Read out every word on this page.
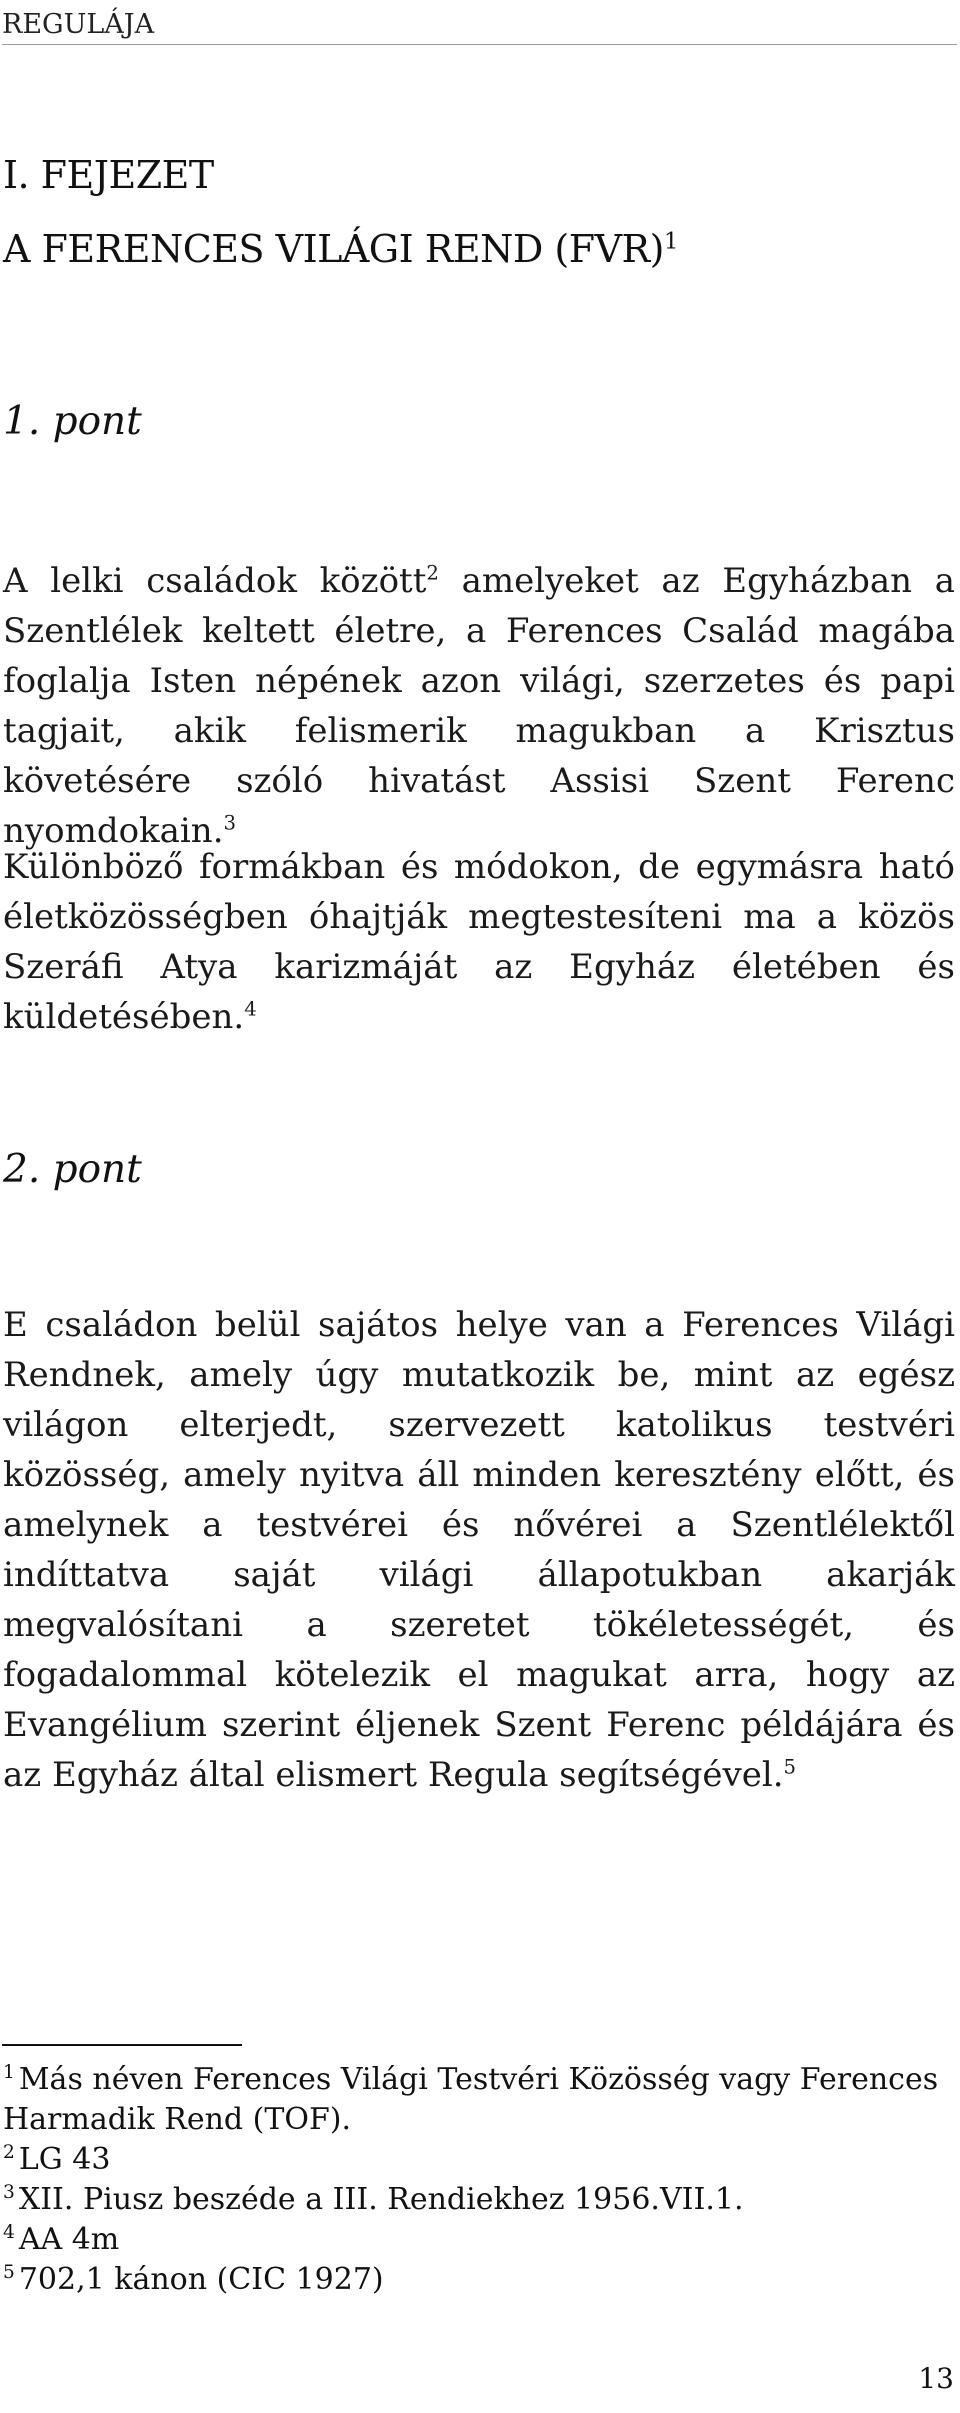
REGULÁJA
I. FEJEZET
A FERENCES VILÁGI REND (FVR)$^1$
1. pont

A lelki családok között$^2$ amelyeket az Egyházban a Szentlélek keltett életre, a Ferences Család magába foglalja Isten népének azon világi, szerzetes és papi tagjait, akik felismerik magukban a Krisztus követésére szóló hivatást Assisi Szent Ferenc nyomdokain.$^3$

Különböző formákban és módokon, de egymásra ható életközösségben óhajtják megtestesíteni ma a közös Szeráfi Atya karizmáját az Egyház életében és küldetésében.$^4$

2. pont

E családon belül sajátos helye van a Ferences Világi Rendnek, amely úgy mutatkozik be, mint az egész világon elterjedt, szervezett katolikus testvéri közösség, amely nyitva áll minden keresztény előtt, és amelynek a testvérei és nővérei a Szentlélektől indíttatva saját világi állapotukban akarják megvalósítani a szeretet tökéletességét, és fogadalommal kötelezik el magukat arra, hogy az Evangélium szerint éljenek Szent Ferenc példájára és az Egyház által elismert Regula segítségével.$^5$

$^1$ Más néven Ferences Világi Testvéri Közösség vagy Ferences Harmadik Rend (TOF).
$^2$ LG 43
$^3$ XII. Piusz beszéde a III. Rendiekhez 1956.VII.1.
$^4$ AA 4m
$^5$ 702,1 kánon (CIC 1927)
13
